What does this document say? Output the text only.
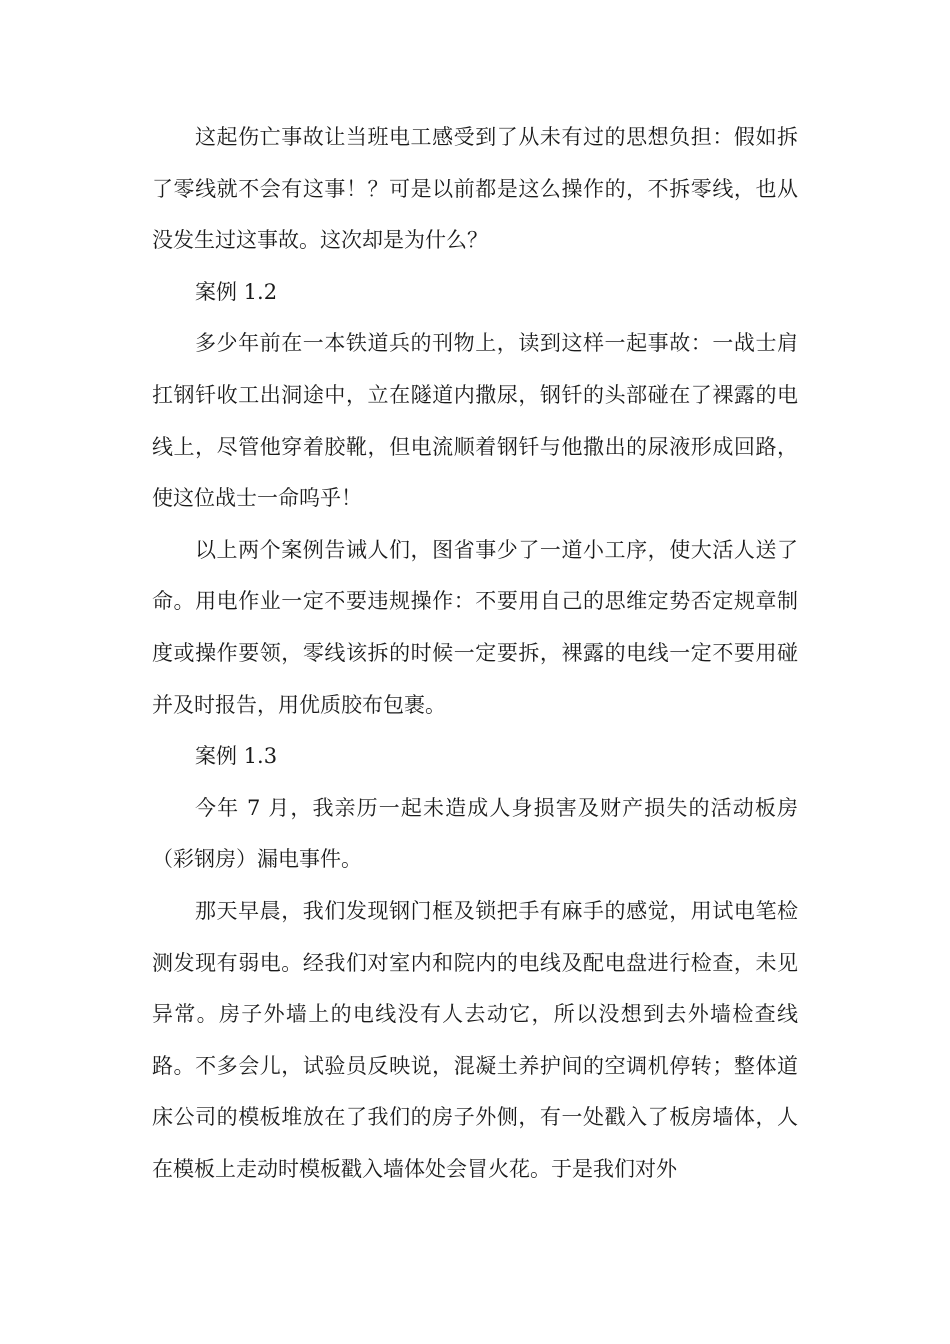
这起伤亡事故让当班电工感受到了从未有过的思想负担：假如拆了零线就不会有这事！？可是以前都是这么操作的，不拆零线，也从没发生过这事故。这次却是为什么？

案例 1.2

多少年前在一本铁道兵的刊物上，读到这样一起事故：一战士肩扛钢钎收工出洞途中，立在隧道内撒尿，钢钎的头部碰在了裸露的电线上，尽管他穿着胶靴，但电流顺着钢钎与他撒出的尿液形成回路，使这位战士一命呜乎！

以上两个案例告诫人们，图省事少了一道小工序，使大活人送了命。用电作业一定不要违规操作：不要用自己的思维定势否定规章制度或操作要领，零线该拆的时候一定要拆，裸露的电线一定不要用碰并及时报告，用优质胶布包裹。

案例 1.3

今年 7 月，我亲历一起未造成人身损害及财产损失的活动板房（彩钢房）漏电事件。

那天早晨，我们发现钢门框及锁把手有麻手的感觉，用试电笔检测发现有弱电。经我们对室内和院内的电线及配电盘进行检查，未见异常。房子外墙上的电线没有人去动它，所以没想到去外墙检查线路。不多会儿，试验员反映说，混凝土养护间的空调机停转；整体道床公司的模板堆放在了我们的房子外侧，有一处戳入了板房墙体，人在模板上走动时模板戳入墙体处会冒火花。于是我们对外
